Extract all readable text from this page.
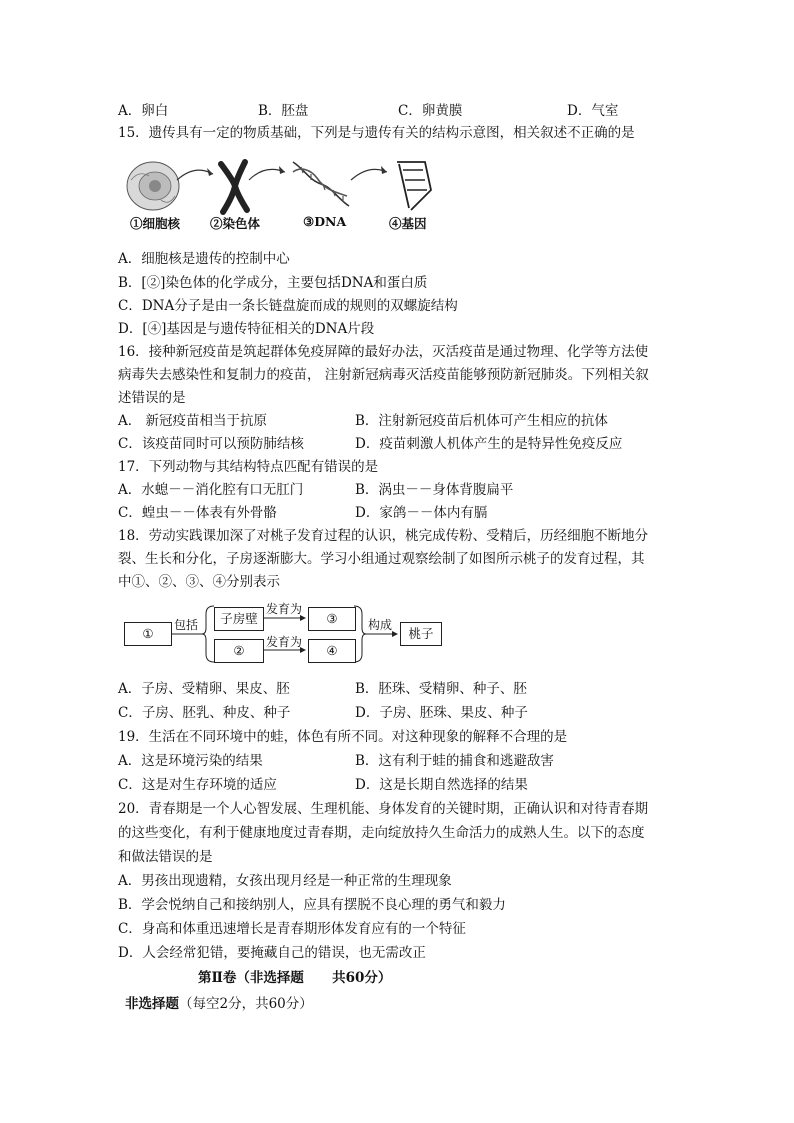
A．卵白	B．胚盘	C．卵黄膜	D．气室
15．遗传具有一定的物质基础，下列是与遗传有关的结构示意图，相关叙述不正确的是
①细胞核 ②染色体	③DNA	④基因
A．细胞核是遗传的控制中心
B．[②]染色体的化学成分，主要包括DNA和蛋白质
C．DNA分子是由一条长链盘旋而成的规则的双螺旋结构
D．[④]基因是与遗传特征相关的DNA片段
16．接种新冠疫苗是筑起群体免疫屏障的最好办法，灭活疫苗是通过物理、化学等方法使
病毒失去感染性和复制力的疫苗， 注射新冠病毒灭活疫苗能够预防新冠肺炎。下列相关叙
述错误的是
A． 新冠疫苗相当于抗原	B．注射新冠疫苗后机体可产生相应的抗体
C．该疫苗同时可以预防肺结核	D．疫苗刺激人机体产生的是特异性免疫反应
17．下列动物与其结构特点匹配有错误的是
A．水螅－－消化腔有口无肛门	B．涡虫－－身体背腹扁平
C．蝗虫－－体表有外骨骼	D．家鸽－－体内有膈
18．劳动实践课加深了对桃子发育过程的认识，桃完成传粉、受精后，历经细胞不断地分
裂、生长和分化，子房逐渐膨大。学习小组通过观察绘制了如图所示桃子的发育过程，其
中①、②、③、④分别表示
①
包括	子房壁
②
发育为
发育为
③
④
构成
桃子
A．子房、受精卵、果皮、胚	B．胚珠、受精卵、种子、胚
C．子房、胚乳、种皮、种子	D．子房、胚珠、果皮、种子
19．生活在不同环境中的蛙，体色有所不同。对这种现象的解释不合理的是
A．这是环境污染的结果	B．这有利于蛙的捕食和逃避敌害
C．这是对生存环境的适应	D．这是长期自然选择的结果
20．青春期是一个人心智发展、生理机能、身体发育的关键时期，正确认识和对待青春期
的这些变化，有利于健康地度过青春期，走向绽放持久生命活力的成熟人生。以下的态度
和做法错误的是
A．男孩出现遗精，女孩出现月经是一种正常的生理现象
B．学会悦纳自己和接纳别人，应具有摆脱不良心理的勇气和毅力
C．身高和体重迅速增长是青春期形体发育应有的一个特征
D．人会经常犯错，要掩藏自己的错误，也无需改正
第Ⅱ卷（非选择题      共60分）
非选择题（每空2分，共60分）
